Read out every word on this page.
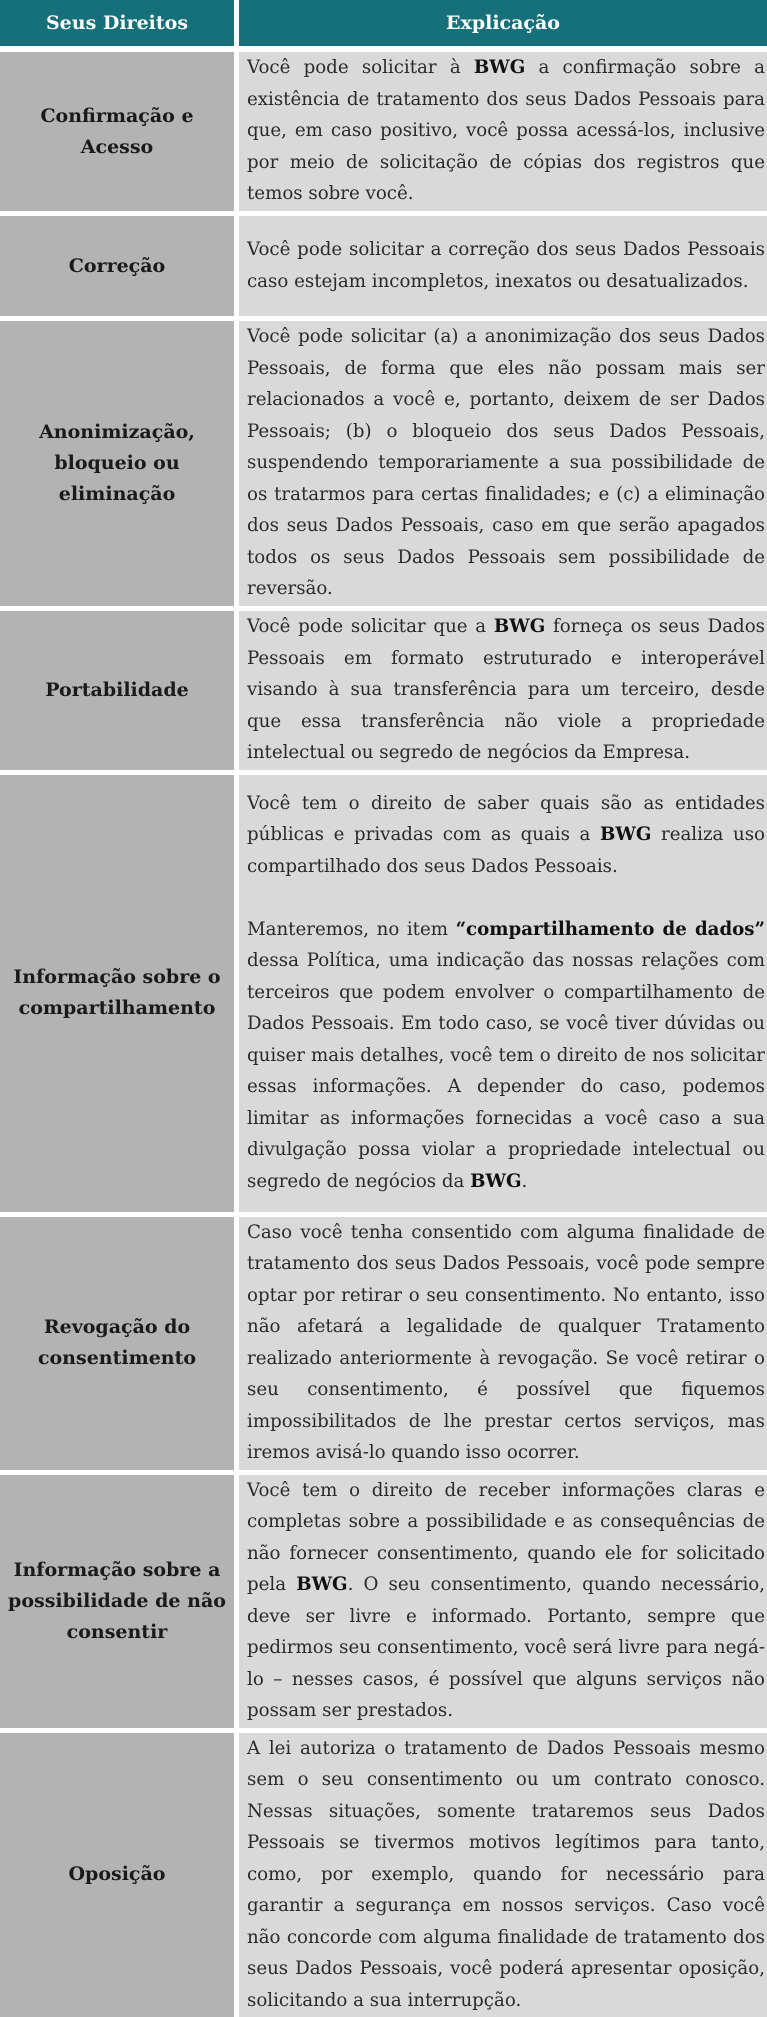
Seus Direitos	Explicação
Confirmação e Acesso	Você pode solicitar à BWG a confirmação sobre a existência de tratamento dos seus Dados Pessoais para que, em caso positivo, você possa acessá-los, inclusive por meio de solicitação de cópias dos registros que temos sobre você.
Correção	Você pode solicitar a correção dos seus Dados Pessoais caso estejam incompletos, inexatos ou desatualizados.
Anonimização, bloqueio ou eliminação	Você pode solicitar (a) a anonimização dos seus Dados Pessoais, de forma que eles não possam mais ser relacionados a você e, portanto, deixem de ser Dados Pessoais; (b) o bloqueio dos seus Dados Pessoais, suspendendo temporariamente a sua possibilidade de os tratarmos para certas finalidades; e (c) a eliminação dos seus Dados Pessoais, caso em que serão apagados todos os seus Dados Pessoais sem possibilidade de reversão.
Portabilidade	Você pode solicitar que a BWG forneça os seus Dados Pessoais em formato estruturado e interoperável visando à sua transferência para um terceiro, desde que essa transferência não viole a propriedade intelectual ou segredo de negócios da Empresa.
Informação sobre o compartilhamento	Você tem o direito de saber quais são as entidades públicas e privadas com as quais a BWG realiza uso compartilhado dos seus Dados Pessoais.
Manteremos, no item “compartilhamento de dados” dessa Política, uma indicação das nossas relações com terceiros que podem envolver o compartilhamento de Dados Pessoais. Em todo caso, se você tiver dúvidas ou quiser mais detalhes, você tem o direito de nos solicitar essas informações. A depender do caso, podemos limitar as informações fornecidas a você caso a sua divulgação possa violar a propriedade intelectual ou segredo de negócios da BWG.

Revogação do consentimento	Caso você tenha consentido com alguma finalidade de tratamento dos seus Dados Pessoais, você pode sempre optar por retirar o seu consentimento. No entanto, isso não afetará a legalidade de qualquer Tratamento realizado anteriormente à revogação. Se você retirar o seu consentimento, é possível que fiquemos impossibilitados de lhe prestar certos serviços, mas iremos avisá-lo quando isso ocorrer.
Informação sobre a possibilidade de não consentir	Você tem o direito de receber informações claras e completas sobre a possibilidade e as consequências de não fornecer consentimento, quando ele for solicitado pela BWG. O seu consentimento, quando necessário, deve ser livre e informado. Portanto, sempre que pedirmos seu consentimento, você será livre para negá-lo – nesses casos, é possível que alguns serviços não possam ser prestados.
Oposição	A lei autoriza o tratamento de Dados Pessoais mesmo sem o seu consentimento ou um contrato conosco. Nessas situações, somente trataremos seus Dados Pessoais se tivermos motivos legítimos para tanto, como, por exemplo, quando for necessário para garantir a segurança em nossos serviços. Caso você não concorde com alguma finalidade de tratamento dos seus Dados Pessoais, você poderá apresentar oposição, solicitando a sua interrupção.
